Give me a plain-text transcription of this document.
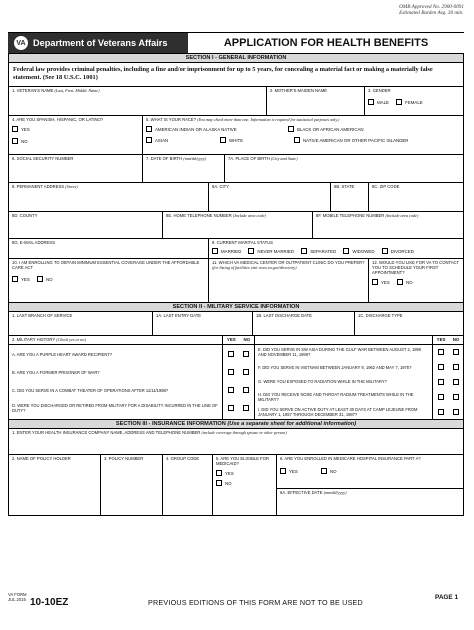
OMB Approved No. 2900-0091
Estimated Burden Avg. 30 min.
VA Department of Veterans Affairs	APPLICATION FOR HEALTH BENEFITS
SECTION I - GENERAL INFORMATION
Federal law provides criminal penalties, including a fine and/or imprisonment for up to 5 years, for concealing a material fact or making a materially false statement. (See 18 U.S.C. 1001)
1. VETERAN'S NAME (Last, First, Middle Name)	2. MOTHER'S MAIDEN NAME	3. GENDER
MALE
	FEMALE
4. ARE YOU SPANISH, HISPANIC, OR LATINO?
YES
NO
5. WHAT IS YOUR RACE? (You may check more than one. Information is required for statistical purposes only.)
AMERICAN INDIAN OR ALASKA NATIVE	BLACK OR AFRICAN AMERICAN
ASIAN	WHITE	NATIVE AMERICAN OR OTHER PACIFIC ISLANDER
6. SOCIAL SECURITY NUMBER	7. DATE OF BIRTH (mm/dd/yyyy)	7A. PLACE OF BIRTH (City and State)
8. PERMANENT ADDRESS (Street)	8A. CITY	8B. STATE	8C. ZIP CODE
8D. COUNTY	8E. HOME TELEPHONE NUMBER (Include area code)	8F. MOBILE TELEPHONE NUMBER (Include area code)
8G. E-MAIL ADDRESS	9. CURRENT MARITAL STATUS
MARRIED
	NEVER MARRIED
	SEPARATED
	WIDOWED
	DIVORCED
10. I AM ENROLLING TO OBTAIN MINIMUM ESSENTIAL COVERAGE UNDER THE AFFORDABLE CARE ACT
YES
	NO
11. WHICH VA MEDICAL CENTER OR OUTPATIENT CLINIC DO YOU PREFER? (for listing of facilities visit www.va.gov/directory)
12. WOULD YOU LIKE FOR VA TO CONTACT YOU TO SCHEDULE YOUR FIRST APPOINTMENT?
YES
	NO
SECTION II - MILITARY SERVICE INFORMATION
1. LAST BRANCH OF SERVICE	1A. LAST ENTRY DATE	1B. LAST DISCHARGE DATE	1C. DISCHARGE TYPE
2. MILITARY HISTORY (Check yes or no)
A. ARE YOU A PURPLE HEART AWARD RECIPIENT?
B. ARE YOU A FORMER PRISONER OF WAR?
C. DID YOU SERVE IN A COMBAT THEATER OF OPERATIONS AFTER 11/11/1998?
D. WERE YOU DISCHARGED OR RETIRED FROM MILITARY FOR A DISABILITY INCURRED IN THE LINE OF DUTY?
YES NO
E. DID YOU SERVE IN SW ASIA DURING THE GULF WAR BETWEEN AUGUST 2, 1990 AND NOVEMBER 11, 1998?
F. DID YOU SERVE IN VIETNAM BETWEEN JANUARY 9, 1962 AND MAY 7, 1975?
G. WERE YOU EXPOSED TO RADIATION WHILE IN THE MILITARY?
H. DID YOU RECEIVE NOSE AND THROAT RADIUM TREATMENTS WHILE IN THE MILITARY?
I. DID YOU SERVE ON ACTIVE DUTY AT LEAST 30 DAYS AT CAMP LEJEUNE FROM JANUARY 1, 1957 THROUGH DECEMBER 31, 1987?
YES NO
SECTION III - INSURANCE INFORMATION (Use a separate sheet for additional information)
1. ENTER YOUR HEALTH INSURANCE COMPANY NAME, ADDRESS AND TELEPHONE NUMBER (include coverage through spouse or other person)
2. NAME OF POLICY HOLDER	3. POLICY NUMBER	4. GROUP CODE	5. ARE YOU ELIGIBLE FOR MEDICAID?
YES
NO
6. ARE YOU ENROLLED IN MEDICARE HOSPITAL INSURANCE PART A?
YES
	NO
6A. EFFECTIVE DATE (mm/dd/yyyy)
VA FORM
JUL 2015 10-10EZ	PREVIOUS EDITIONS OF THIS FORM ARE NOT TO BE USED
PAGE 1
